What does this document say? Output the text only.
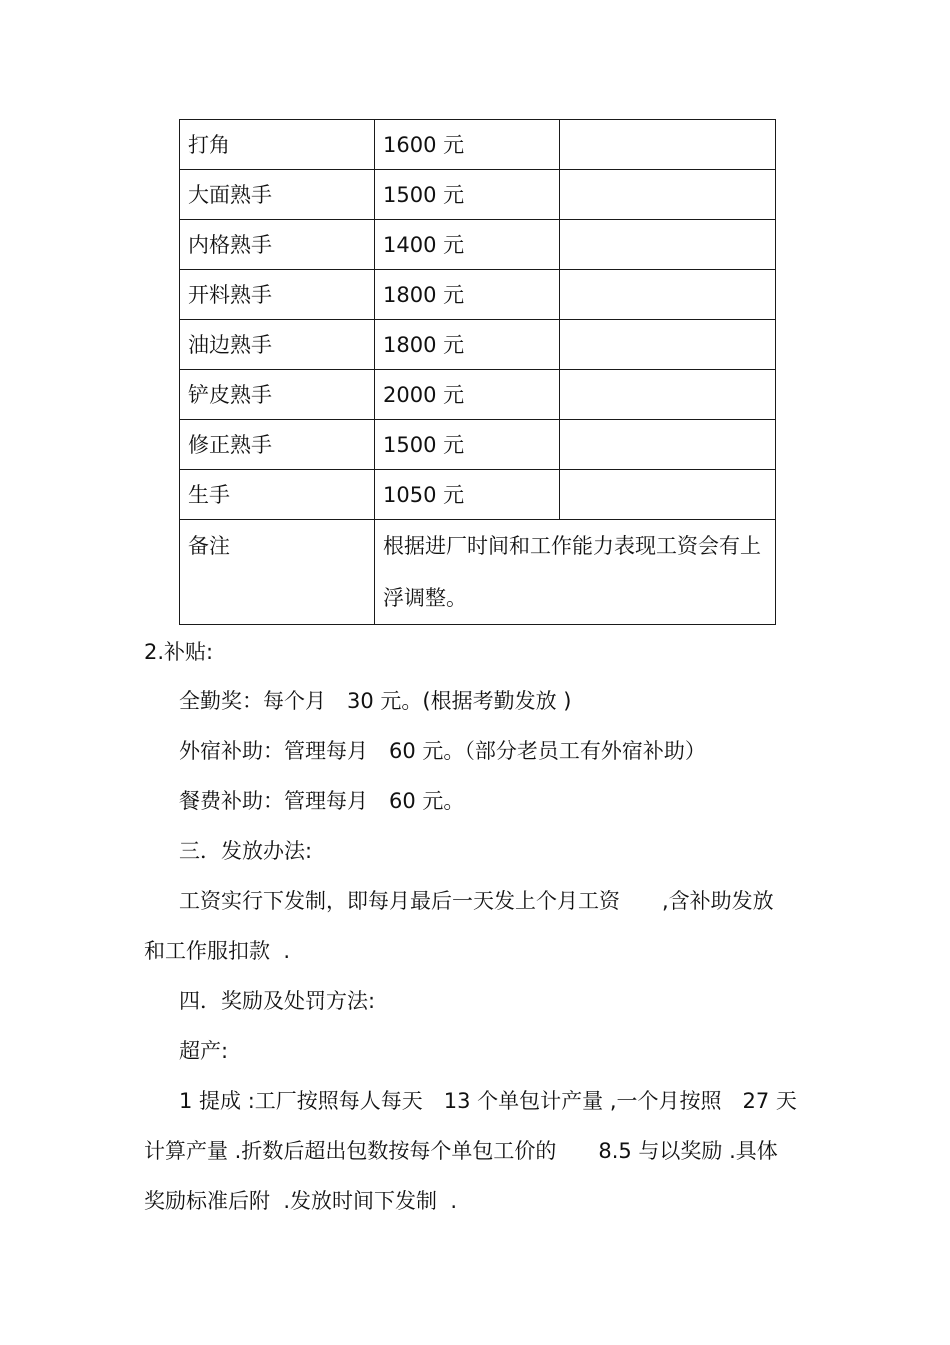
打角	1600 元	
大面熟手	1500 元	
内格熟手	1400 元	
开料熟手	1800 元	
油边熟手	1800 元	
铲皮熟手	2000 元	
修正熟手	1500 元	
生手	1050 元	
备注	根据进厂时间和工作能力表现工资会有上浮调整。	
2.补贴:
全勤奖：每个月　30 元。(根据考勤发放 )
外宿补助：管理每月　60 元。（部分老员工有外宿补助）
餐费补助：管理每月　60 元。
三．发放办法:
工资实行下发制，即每月最后一天发上个月工资　　,含补助发放
和工作服扣款  .
四．奖励及处罚方法:
超产:
1 提成 :工厂按照每人每天　13 个单包计产量 ,一个月按照　27 天
计算产量 .折数后超出包数按每个单包工价的　　8.5 与以奖励 .具体
奖励标准后附  .发放时间下发制  .
